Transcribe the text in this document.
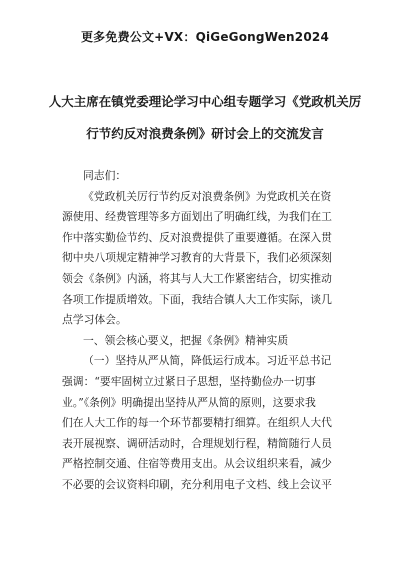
更多免费公文+VX：QiGeGongWen2024
人大主席在镇党委理论学习中心组专题学习《党政机关厉
行节约反对浪费条例》研讨会上的交流发言
同志们：
《党政机关厉行节约反对浪费条例》为党政机关在资
源使用、经费管理等多方面划出了明确红线，为我们在工
作中落实勤俭节约、反对浪费提供了重要遵循。在深入贯
彻中央八项规定精神学习教育的大背景下，我们必须深刻
领会《条例》内涵，将其与人大工作紧密结合，切实推动
各项工作提质增效。下面，我结合镇人大工作实际，谈几
点学习体会。
一、领会核心要义，把握《条例》精神实质
（一）坚持从严从简，降低运行成本。习近平总书记
强调：“要牢固树立过紧日子思想，坚持勤俭办一切事
业。”《条例》明确提出坚持从严从简的原则，这要求我
们在人大工作的每一个环节都要精打细算。在组织人大代
表开展视察、调研活动时，合理规划行程，精简随行人员
严格控制交通、住宿等费用支出。从会议组织来看，减少
不必要的会议资料印刷，充分利用电子文档、线上会议平
